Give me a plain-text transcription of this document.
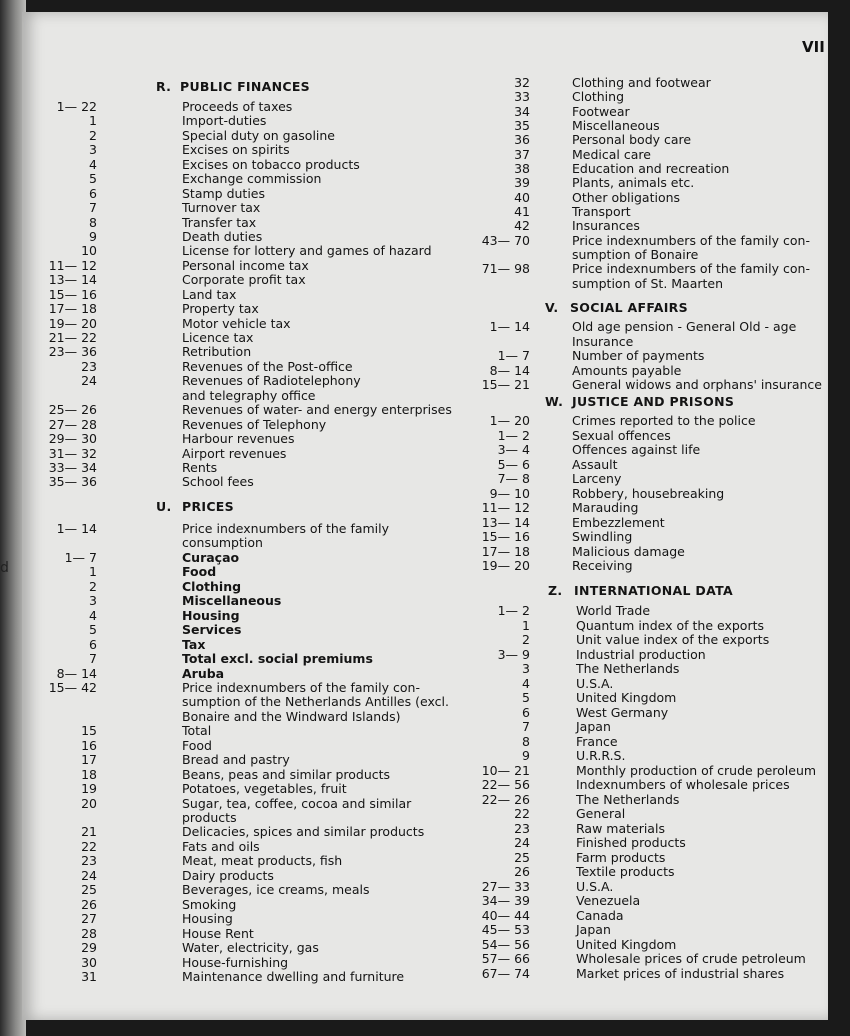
d
VII
R. PUBLIC FINANCES
1— 22	Proceeds of taxes
1	Import-duties
2	Special duty on gasoline
3	Excises on spirits
4	Excises on tobacco products
5	Exchange commission
6	Stamp duties
7	Turnover tax
8	Transfer tax
9	Death duties
10	License for lottery and games of hazard
11— 12	Personal income tax
13— 14	Corporate profit tax
15— 16	Land tax
17— 18	Property tax
19— 20	Motor vehicle tax
21— 22	Licence tax
23— 36	Retribution
23	Revenues of the Post-office
24	Revenues of Radiotelephony
and telegraphy office
25— 26	Revenues of water- and energy enterprises
27— 28	Revenues of Telephony
29— 30	Harbour revenues
31— 32	Airport revenues
33— 34	Rents
35— 36	School fees
U. PRICES
1— 14	Price indexnumbers of the family
consumption
1— 7	Curaçao
1	Food
2	Clothing
3	Miscellaneous
4	Housing
5	Services
6	Tax
7	Total excl. social premiums
8— 14	Aruba
15— 42	Price indexnumbers of the family con-
sumption of the Netherlands Antilles (excl.
Bonaire and the Windward Islands)
15	Total
16	Food
17	Bread and pastry
18	Beans, peas and similar products
19	Potatoes, vegetables, fruit
20	Sugar, tea, coffee, cocoa and similar
products
21	Delicacies, spices and similar products
22	Fats and oils
23	Meat, meat products, fish
24	Dairy products
25	Beverages, ice creams, meals
26	Smoking
27	Housing
28	House Rent
29	Water, electricity, gas
30	House-furnishing
31	Maintenance dwelling and furniture
32	Clothing and footwear
33	Clothing
34	Footwear
35	Miscellaneous
36	Personal body care
37	Medical care
38	Education and recreation
39	Plants, animals etc.
40	Other obligations
41	Transport
42	Insurances
43— 70	Price indexnumbers of the family con-
sumption of Bonaire
71— 98	Price indexnumbers of the family con-
sumption of St. Maarten
V. SOCIAL AFFAIRS
1— 14	Old age pension - General Old - age
Insurance
1— 7	Number of payments
8— 14	Amounts payable
15— 21	General widows and orphans' insurance
W. JUSTICE AND PRISONS
1— 20	Crimes reported to the police
1— 2	Sexual offences
3— 4	Offences against life
5— 6	Assault
7— 8	Larceny
9— 10	Robbery, housebreaking
11— 12	Marauding
13— 14	Embezzlement
15— 16	Swindling
17— 18	Malicious damage
19— 20	Receiving
Z. INTERNATIONAL DATA
1— 2	World Trade
1	Quantum index of the exports
2	Unit value index of the exports
3— 9	Industrial production
3	The Netherlands
4	U.S.A.
5	United Kingdom
6	West Germany
7	Japan
8	France
9	U.R.R.S.
10— 21	Monthly production of crude peroleum
22— 56	Indexnumbers of wholesale prices
22— 26	The Netherlands
22	General
23	Raw materials
24	Finished products
25	Farm products
26	Textile products
27— 33	U.S.A.
34— 39	Venezuela
40— 44	Canada
45— 53	Japan
54— 56	United Kingdom
57— 66	Wholesale prices of crude petroleum
67— 74	Market prices of industrial shares
